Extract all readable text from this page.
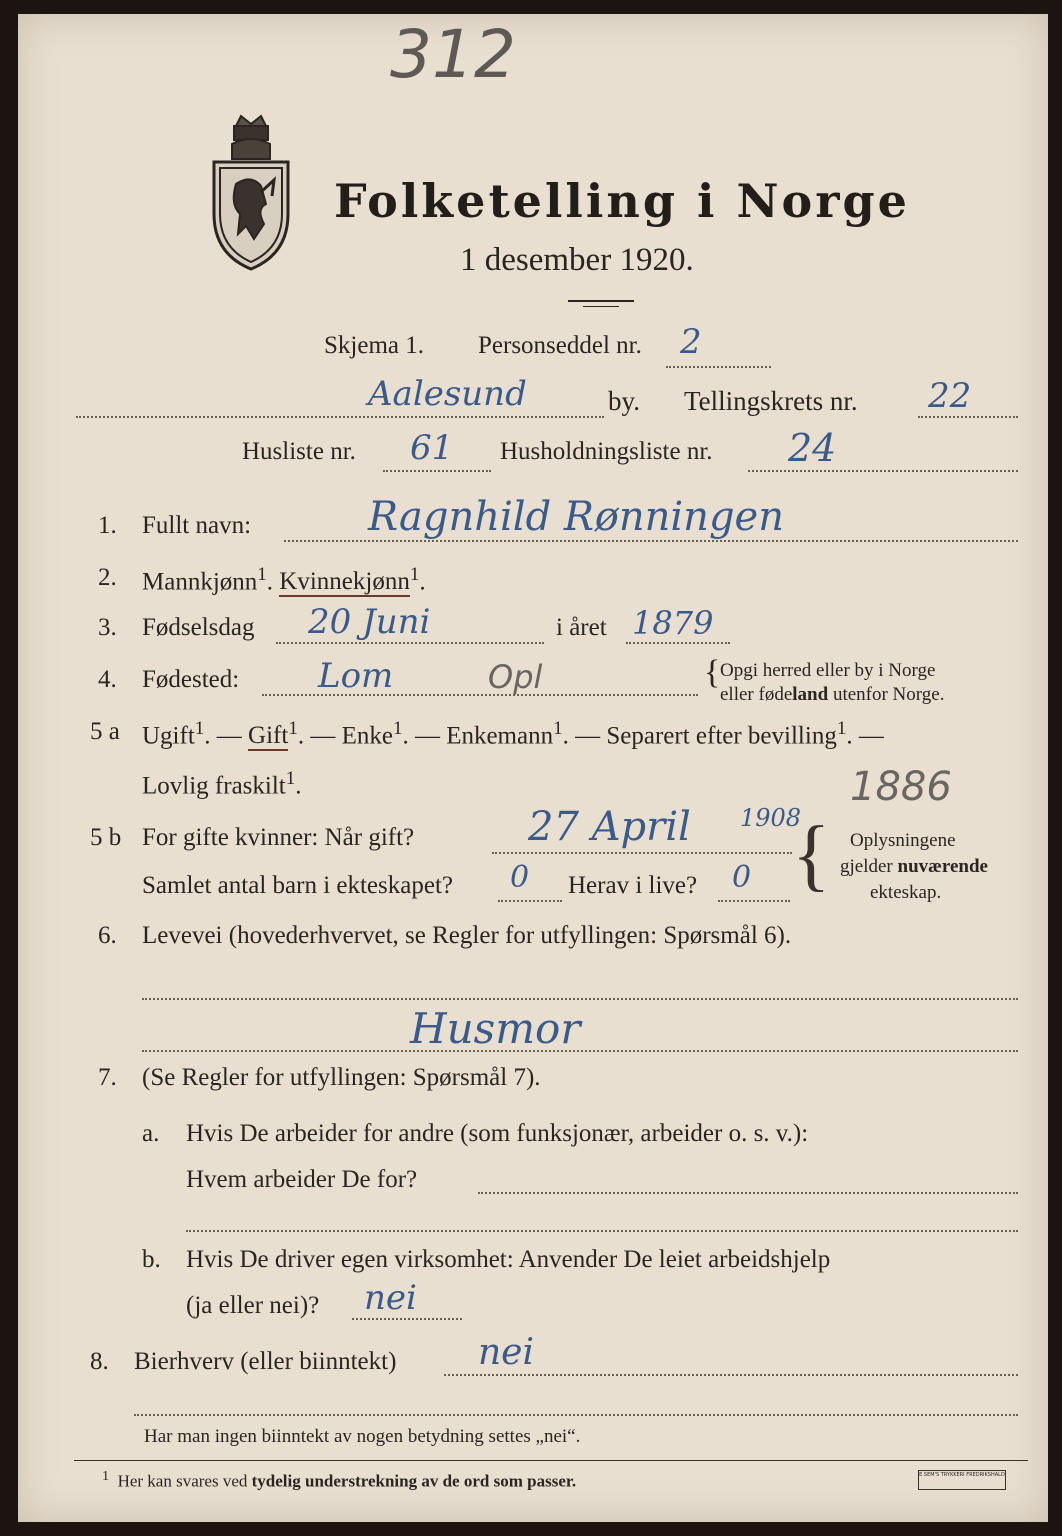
312
Folketelling i Norge
1 desember 1920.
Skjema 1. Personseddel nr. 2
Aalesund	by. Tellingskrets nr. 22
Husliste nr. 61 Husholdningsliste nr. 24
1. Fullt navn:	Ragnhild Rønningen
2. Mannkjønn$^1$. Kvinnekjønn$^1$.
3. Fødselsdag 20 Juni	i året 1879
4. Fødested: Lom	Opl	{ Opgi herred eller by i Norge
eller fødeland utenfor Norge.
5 a Ugift$^1$. — Gift$^1$. — Enke$^1$. — Enkemann$^1$. — Separert efter bevilling$^1$. —
Lovlig fraskilt$^1$.	1886
5 b For gifte kvinner: Når gift?	27 April 1908
Samlet antal barn i ekteskapet? 0 Herav i live? 0 { Oplysningene
gjelder nuværende
ekteskap.
6. Levevei (hovederhvervet, se Regler for utfyllingen: Spørsmål 6).
Husmor
7. (Se Regler for utfyllingen: Spørsmål 7).
a. Hvis De arbeider for andre (som funksjonær, arbeider o. s. v.):
Hvem arbeider De for?
b. Hvis De driver egen virksomhet: Anvender De leiet arbeidshjelp
(ja eller nei)? nei
8. Bierhverv (eller biinntekt) nei
Har man ingen biinntekt av nogen betydning settes „nei“.
$^1$ Her kan svares ved tydelig understrekning av de ord som passer.	E.SEM'S TRYKKERI FREDRIKSHALD
